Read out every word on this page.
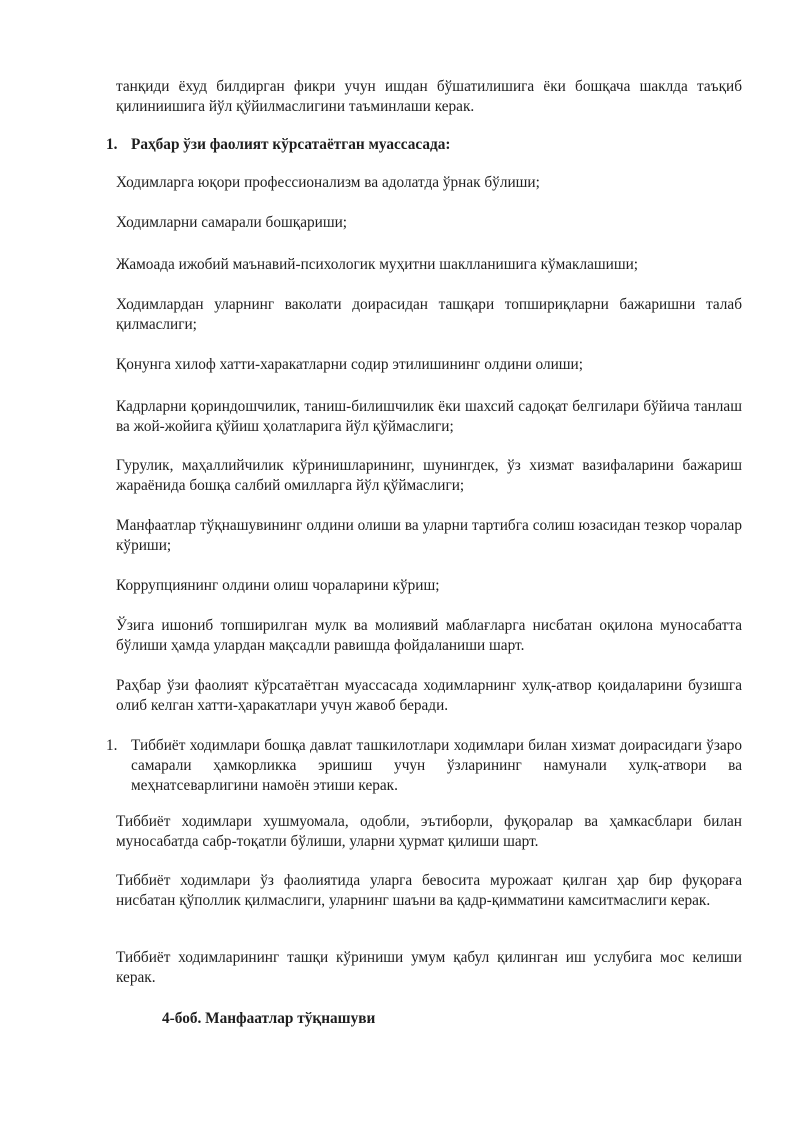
танқиди ёхуд билдирган фикри учун ишдан бўшатилишига ёки бошқача шаклда таъқиб қилиниишига йўл қўйилмаслигини таъминлаши керак.

1. Раҳбар ўзи фаолият кўрсатаётган муассасада:

Ходимларга юқори профессионализм ва адолатда ўрнак бўлиши;

Ходимларни самарали бошқариши;

Жамоада ижобий маънавий-психологик муҳитни шаклланишига кўмаклашиши;

Ходимлардан уларнинг ваколати доирасидан ташқари топшириқларни бажаришни талаб қилмаслиги;

Қонунга хилоф хатти-харакатларни содир этилишининг олдини олиши;

Кадрларни қориндошчилик, таниш-билишчилик ёки шахсий садоқат белгилари бўйича танлаш ва жой-жойига қўйиш ҳолатларига йўл қўймаслиги;

Гурулик, маҳаллийчилик кўринишларининг, шунингдек, ўз хизмат вазифаларини бажариш жараёнида бошқа салбий омилларга йўл қўймаслиги;

Манфаатлар тўқнашувининг олдини олиши ва уларни тартибга солиш юзасидан тезкор чоралар кўриши;

Коррупциянинг олдини олиш чораларини кўриш;

Ўзига ишониб топширилган мулк ва молиявий маблағларга нисбатан оқилона муносабатта бўлиши ҳамда улардан мақсадли равишда фойдаланиши шарт.

Раҳбар ўзи фаолият кўрсатаётган муассасада ходимларнинг хулқ-атвор қоидаларини бузишга олиб келган хатти-ҳаракатлари учун жавоб беради.

1. Тиббиёт ходимлари бошқа давлат ташкилотлари ходимлари билан хизмат доирасидаги ўзаро самарали ҳамкорликка эришиш учун ўзларининг намунали хулқ-атвори ва меҳнатсеварлигини намоён этиши керак.

Тиббиёт ходимлари хушмуомала, одобли, эътиборли, фуқоралар ва ҳамкасблари билан муносабатда сабр-тоқатли бўлиши, уларни ҳурмат қилиши шарт.

Тиббиёт ходимлари ўз фаолиятида уларга бевосита мурожаат қилган ҳар бир фуқораға нисбатан қўполлик қилмаслиги, уларнинг шаъни ва қадр-қимматини камситмаслиги керак.

Тиббиёт ходимларининг ташқи кўриниши умум қабул қилинган иш услубига мос келиши керак.

4-боб. Манфаатлар тўқнашуви
